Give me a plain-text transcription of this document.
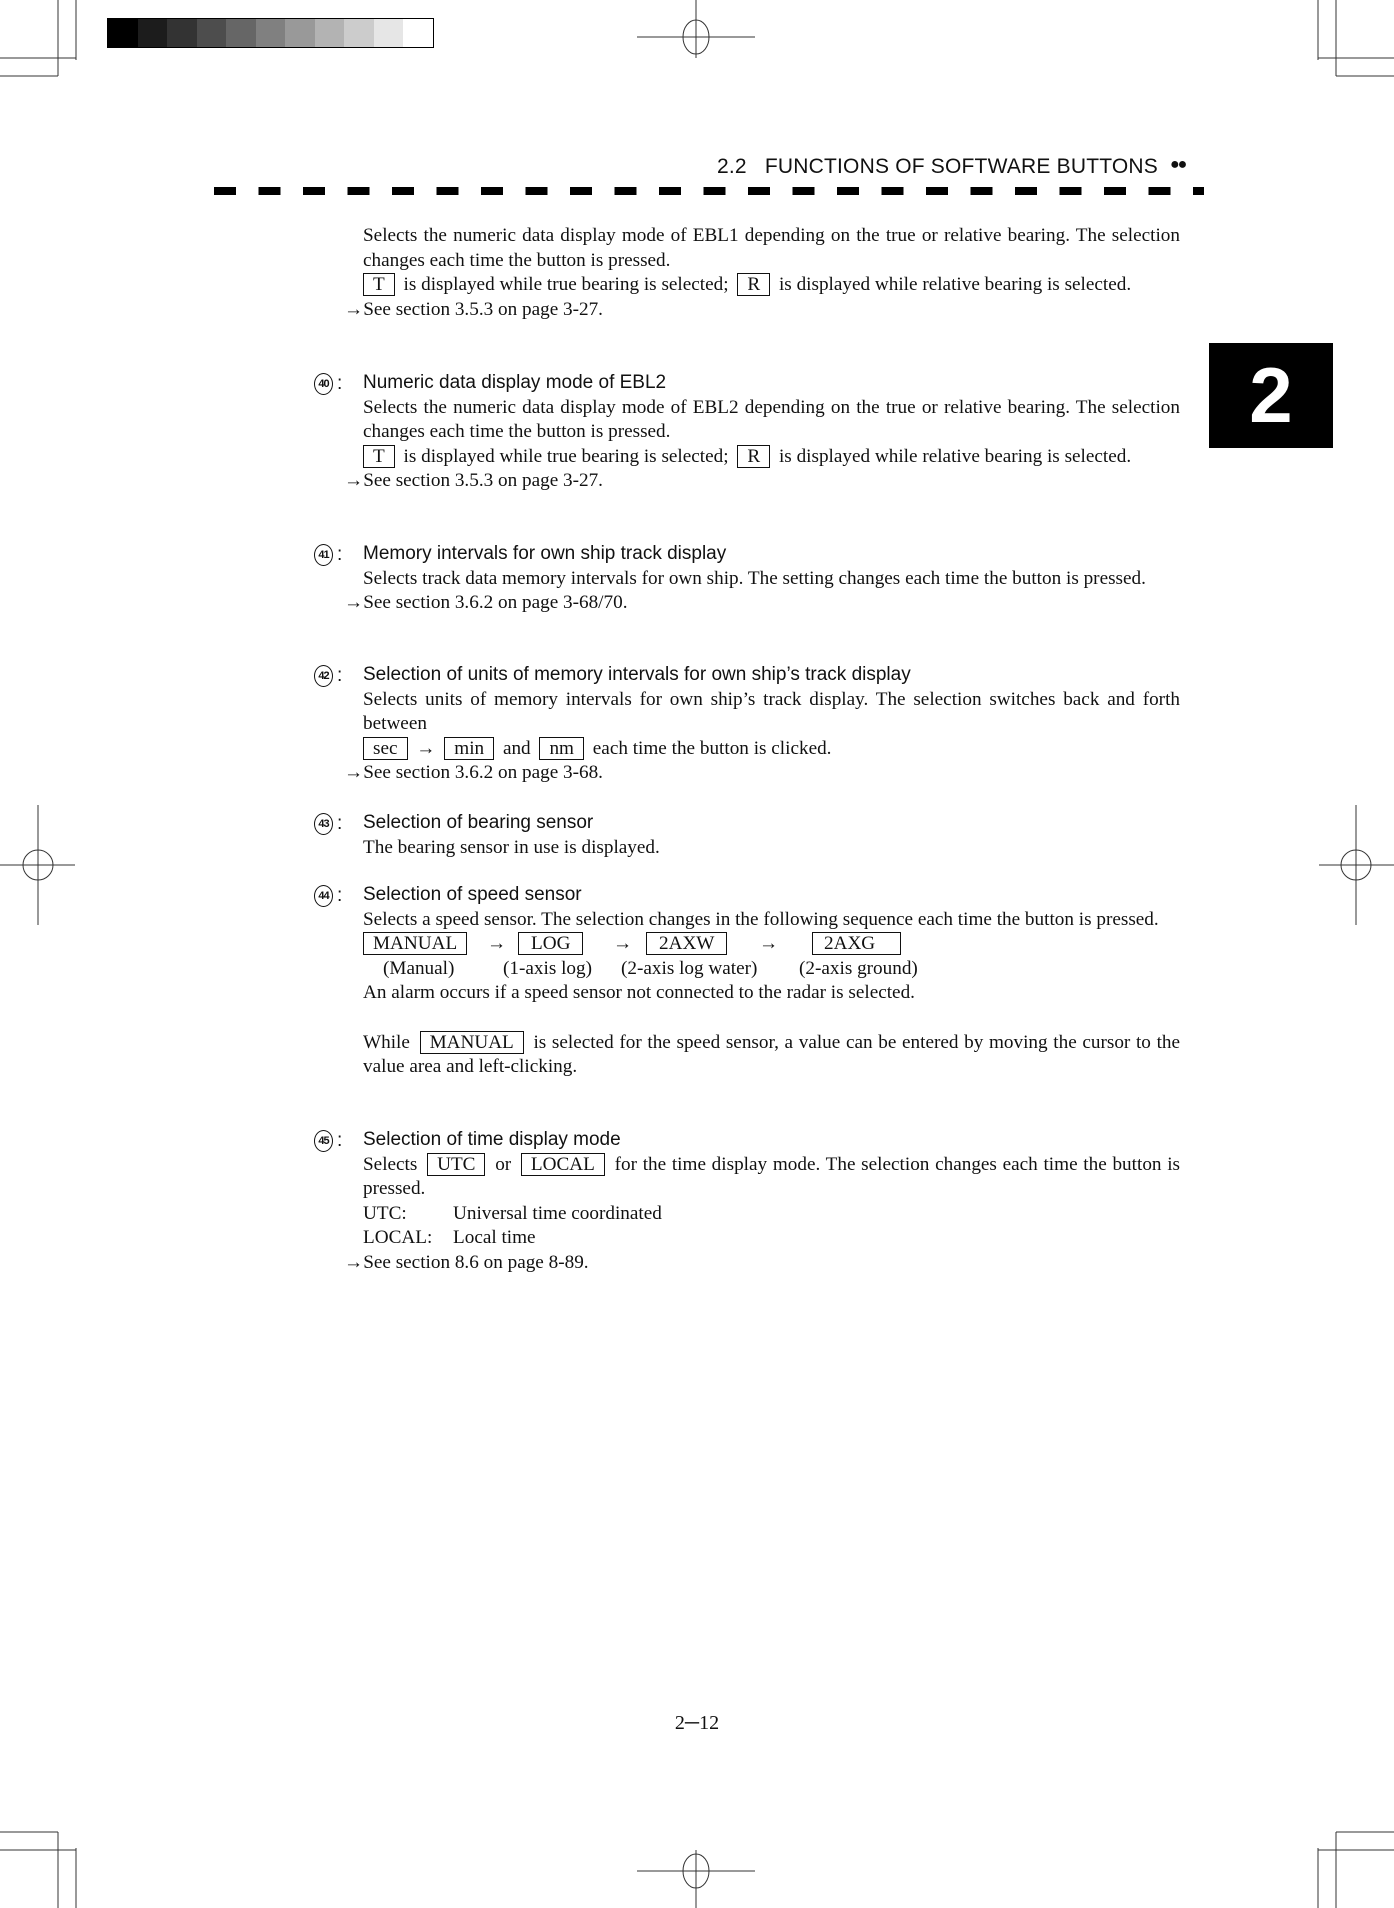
2.2   FUNCTIONS OF SOFTWARE BUTTONS ●●
2
Selects the numeric data display mode of EBL1 depending on the true or relative bearing. The selection changes each time the button is pressed.
T is displayed while true bearing is selected; R is displayed while relative bearing is selected.
→See section 3.5.3 on page 3-27.
40 : Numeric data display mode of EBL2
Selects the numeric data display mode of EBL2 depending on the true or relative bearing. The selection changes each time the button is pressed.
T is displayed while true bearing is selected; R is displayed while relative bearing is selected.
→See section 3.5.3 on page 3-27.
41 : Memory intervals for own ship track display
Selects track data memory intervals for own ship. The setting changes each time the button is pressed.
→See section 3.6.2 on page 3-68/70.
42 : Selection of units of memory intervals for own ship’s track display
Selects units of memory intervals for own ship’s track display. The selection switches back and forth between
sec → min and nm each time the button is clicked.
→See section 3.6.2 on page 3-68.
43 : Selection of bearing sensor
The bearing sensor in use is displayed.
44 : Selection of speed sensor
Selects a speed sensor. The selection changes in the following sequence each time the button is pressed.
MANUAL	→	LOG	→	2AXW	→	2AXG
(Manual)	(1-axis log) (2-axis log water) (2-axis ground)
An alarm occurs if a speed sensor not connected to the radar is selected.
While MANUAL is selected for the speed sensor, a value can be entered by moving the cursor to the value area and left-clicking.
45 : Selection of time display mode
Selects UTC or LOCAL for the time display mode. The selection changes each time the button is pressed.
UTC: Universal time coordinated
LOCAL: Local time
→See section 8.6 on page 8-89.
2─12
